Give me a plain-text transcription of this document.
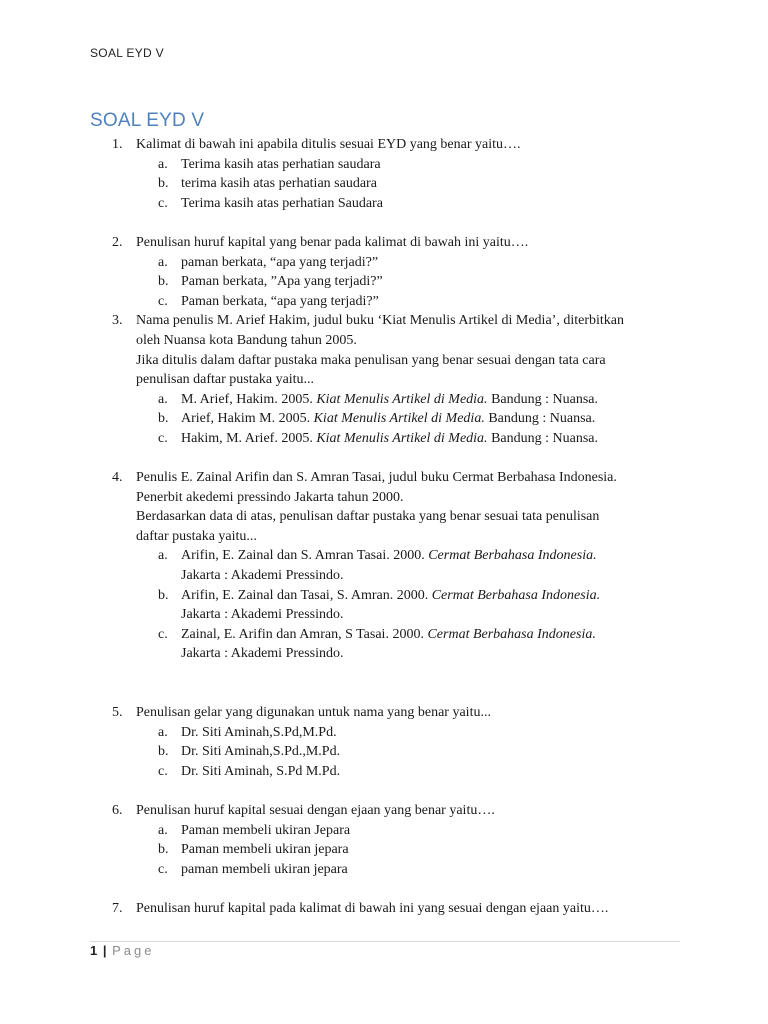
SOAL EYD V
SOAL EYD V
1. Kalimat di bawah ini apabila ditulis sesuai EYD yang benar yaitu….
a. Terima kasih atas perhatian saudara
b. terima kasih atas perhatian saudara
c. Terima kasih atas perhatian Saudara
2. Penulisan huruf kapital yang benar pada kalimat di bawah ini yaitu….
a. paman berkata, “apa yang terjadi?”
b. Paman berkata, ”Apa yang terjadi?”
c. Paman berkata, “apa yang terjadi?”
3. Nama penulis M. Arief Hakim, judul buku ‘Kiat Menulis Artikel di Media’, diterbitkan
oleh Nuansa kota Bandung tahun 2005.
Jika ditulis dalam daftar pustaka maka penulisan yang benar sesuai dengan tata cara
penulisan daftar pustaka yaitu...
a. M. Arief, Hakim. 2005. Kiat Menulis Artikel di Media. Bandung : Nuansa.
b. Arief, Hakim M. 2005. Kiat Menulis Artikel di Media. Bandung : Nuansa.
c. Hakim, M. Arief. 2005. Kiat Menulis Artikel di Media. Bandung : Nuansa.
4. Penulis E. Zainal Arifin dan S. Amran Tasai, judul buku Cermat Berbahasa Indonesia.
Penerbit akedemi pressindo Jakarta tahun 2000.
Berdasarkan data di atas, penulisan daftar pustaka yang benar sesuai tata penulisan
daftar pustaka yaitu...
a. Arifin, E. Zainal dan S. Amran Tasai. 2000. Cermat Berbahasa Indonesia.
Jakarta : Akademi Pressindo.
b. Arifin, E. Zainal dan Tasai, S. Amran. 2000. Cermat Berbahasa Indonesia.
Jakarta : Akademi Pressindo.
c. Zainal, E. Arifin dan Amran, S Tasai. 2000. Cermat Berbahasa Indonesia.
Jakarta : Akademi Pressindo.
5. Penulisan gelar yang digunakan untuk nama yang benar yaitu...
a. Dr. Siti Aminah,S.Pd,M.Pd.
b. Dr. Siti Aminah,S.Pd.,M.Pd.
c. Dr. Siti Aminah, S.Pd M.Pd.
6. Penulisan huruf kapital sesuai dengan ejaan yang benar yaitu….
a. Paman membeli ukiran Jepara
b. Paman membeli ukiran jepara
c. paman membeli ukiran jepara
7. Penulisan huruf kapital pada kalimat di bawah ini yang sesuai dengan ejaan yaitu….
1 | Page
